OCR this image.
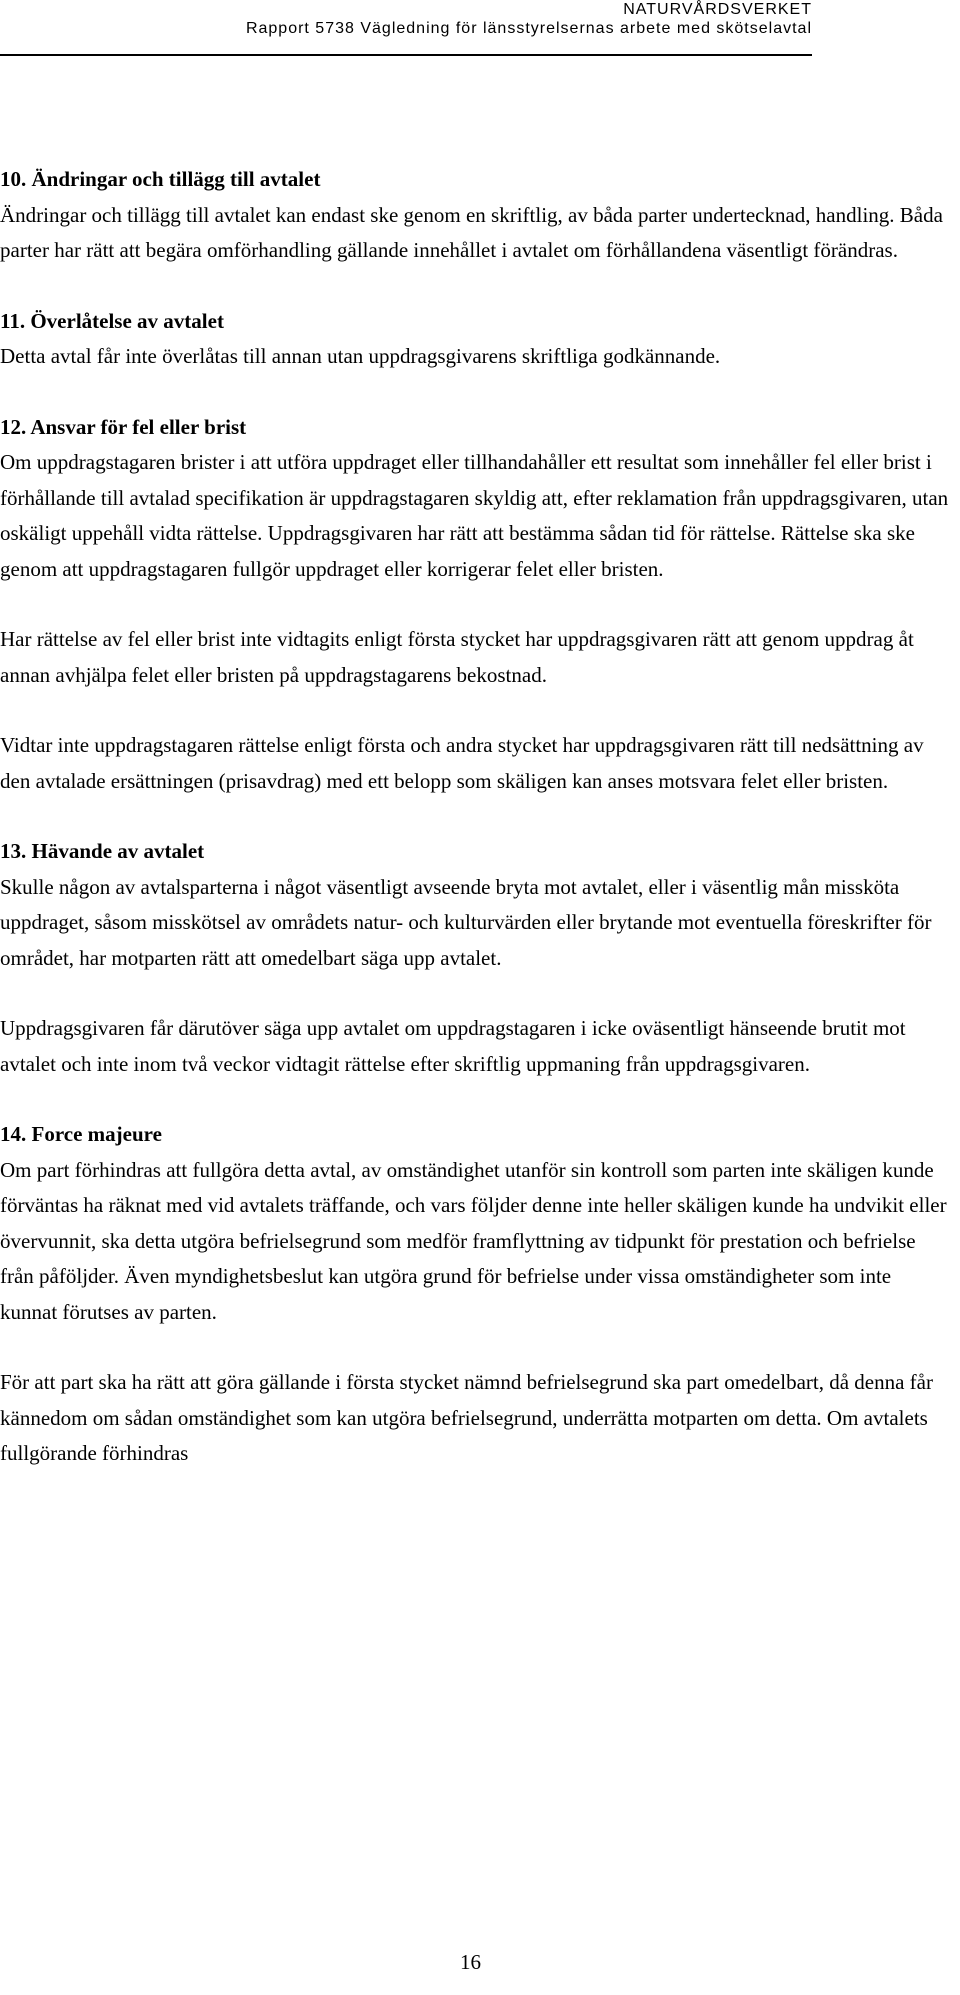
NATURVÅRDSVERKET
Rapport 5738 Vägledning för länsstyrelsernas arbete med skötselavtal
10. Ändringar och tillägg till avtalet

Ändringar och tillägg till avtalet kan endast ske genom en skriftlig, av båda parter undertecknad, handling. Båda parter har rätt att begära omförhandling gällande innehållet i avtalet om förhållandena väsentligt förändras.

11. Överlåtelse av avtalet

Detta avtal får inte överlåtas till annan utan uppdragsgivarens skriftliga godkännande.

12. Ansvar för fel eller brist

Om uppdragstagaren brister i att utföra uppdraget eller tillhandahåller ett resultat som innehåller fel eller brist i förhållande till avtalad specifikation är uppdragstagaren skyldig att, efter reklamation från uppdragsgivaren, utan oskäligt uppehåll vidta rättelse. Uppdragsgivaren har rätt att bestämma sådan tid för rättelse. Rättelse ska ske genom att uppdragstagaren fullgör uppdraget eller korrigerar felet eller bristen.

Har rättelse av fel eller brist inte vidtagits enligt första stycket har uppdragsgivaren rätt att genom uppdrag åt annan avhjälpa felet eller bristen på uppdragstagarens bekostnad.

Vidtar inte uppdragstagaren rättelse enligt första och andra stycket har uppdragsgivaren rätt till nedsättning av den avtalade ersättningen (prisavdrag) med ett belopp som skäligen kan anses motsvara felet eller bristen.

13. Hävande av avtalet

Skulle någon av avtalsparterna i något väsentligt avseende bryta mot avtalet, eller i väsentlig mån missköta uppdraget, såsom misskötsel av områdets natur- och kulturvärden eller brytande mot eventuella föreskrifter för området, har motparten rätt att omedelbart säga upp avtalet.

Uppdragsgivaren får därutöver säga upp avtalet om uppdragstagaren i icke oväsentligt hänseende brutit mot avtalet och inte inom två veckor vidtagit rättelse efter skriftlig uppmaning från uppdragsgivaren.

14. Force majeure

Om part förhindras att fullgöra detta avtal, av omständighet utanför sin kontroll som parten inte skäligen kunde förväntas ha räknat med vid avtalets träffande, och vars följder denne inte heller skäligen kunde ha undvikit eller övervunnit, ska detta utgöra befrielsegrund som medför framflyttning av tidpunkt för prestation och befrielse från påföljder. Även myndighetsbeslut kan utgöra grund för befrielse under vissa omständigheter som inte kunnat förutses av parten.

För att part ska ha rätt att göra gällande i första stycket nämnd befrielsegrund ska part omedelbart, då denna får kännedom om sådan omständighet som kan utgöra befrielsegrund, underrätta motparten om detta. Om avtalets fullgörande förhindras

16
